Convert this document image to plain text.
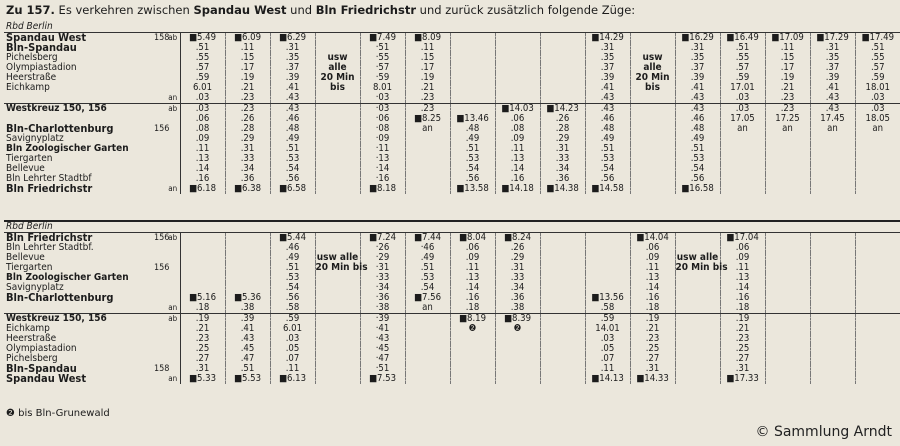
Zu 157. Es verkehren zwischen Spandau West und Bln Friedrichstr und zurück zusätzlich folgende Züge:
Rbd Berlin																		
Spandau West	158	ab	■5.49	■6.09	■6.29		■7.49	■8.09				■14.29		■16.29	■16.49	■17.09	■17.29	■17.49
Bln-Spandau			.51	.11	.31		·51	.11				.31		.31	.51	.11	.31	.51
Pichelsberg			.55	.15	.35	usw	·55	.15				.35	usw	.35	.55	.15	.35	.55
Olympiastadion			.57	.17	.37	alle	·57	.17				.37	alle	.37	.57	.17	.37	.57
Heerstraße			.59	.19	.39	20 Min	·59	.19				.39	20 Min	.39	.59	.19	.39	.59
Eichkamp			6.01	.21	.41	bis	8.01	.21				.41	bis	.41	17.01	.21	.41	18.01
		an	.03	.23	.43		·03	.23				.43		.43	.03	.23	.43	.03
Westkreuz 150, 156		ab	.03	.23	.43		·03	.23		■14.03	■14.23	.43		.43	.03	.23	.43	.03
			.06	.26	.46		·06	■8.25	■13.46	.06	.26	.46		.46	17.05	17.25	17.45	18.05
Bln-Charlottenburg	156		.08	.28	.48		·08	an	.48	.08	.28	.48		.48	an	an	an	an
Savignyplatz			.09	.29	.49		·09		.49	.09	.29	.49		.49				
Bln Zoologischer Garten			.11	.31	.51		·11		.51	.11	.31	.51		.51				
Tiergarten			.13	.33	.53		·13		.53	.13	.33	.53		.53				
Bellevue			.14	.34	.54		·14		.54	.14	.34	.54		.54				
Bln Lehrter Stadtbf			.16	.36	.56		·16		.56	.16	.36	.56		.56				
Bln Friedrichstr		an	■6.18	■6.38	■6.58		■8.18		■13.58	■14.18	■14.38	■14.58		■16.58				
Rbd Berlin																		
Bln Friedrichstr	156	ab			■5.44		■7.24	■7.44	■8.04	■8.24			■14.04		■17.04			
Bln Lehrter Stadtbf.					.46		·26	·46	.06	.26			.06		.06			
Bellevue					.49	usw alle	·29	.49	.09	.29			.09	usw alle	.09			
Tiergarten	156				.51	20 Min bis	·31	.51	.11	.31			.11	20 Min bis	.11			
Bln Zoologischer Garten					.53		·33	.53	.13	.33			.13		.13			
Savignyplatz					.54		·34	.54	.14	.34			.14		.14			
Bln-Charlottenburg			■5.16	■5.36	.56		·36	■7.56	.16	.36		■13.56	.16		.16			
		an	.18	.38	.58		·38	an	.18	.38		.58	.18		.18			
Westkreuz 150, 156		ab	.19	.39	.59		·39		■8.19	■8.39		.59	.19		.19			
Eichkamp			.21	.41	6.01		·41		❷	❷		14.01	.21		.21			
Heerstraße			.23	.43	.03		·43					.03	.23		.23			
Olympiastadion			.25	.45	.05		·45					.05	.25		.25			
Pichelsberg			.27	.47	.07		·47					.07	.27		.27			
Bln-Spandau	158		.31	.51	.11		·51					.11	.31		.31			
Spandau West		an	■5.33	■5.53	■6.13		■7.53					■14.13	■14.33		■17.33			
❷ bis Bln-Grunewald
© Sammlung Arndt
